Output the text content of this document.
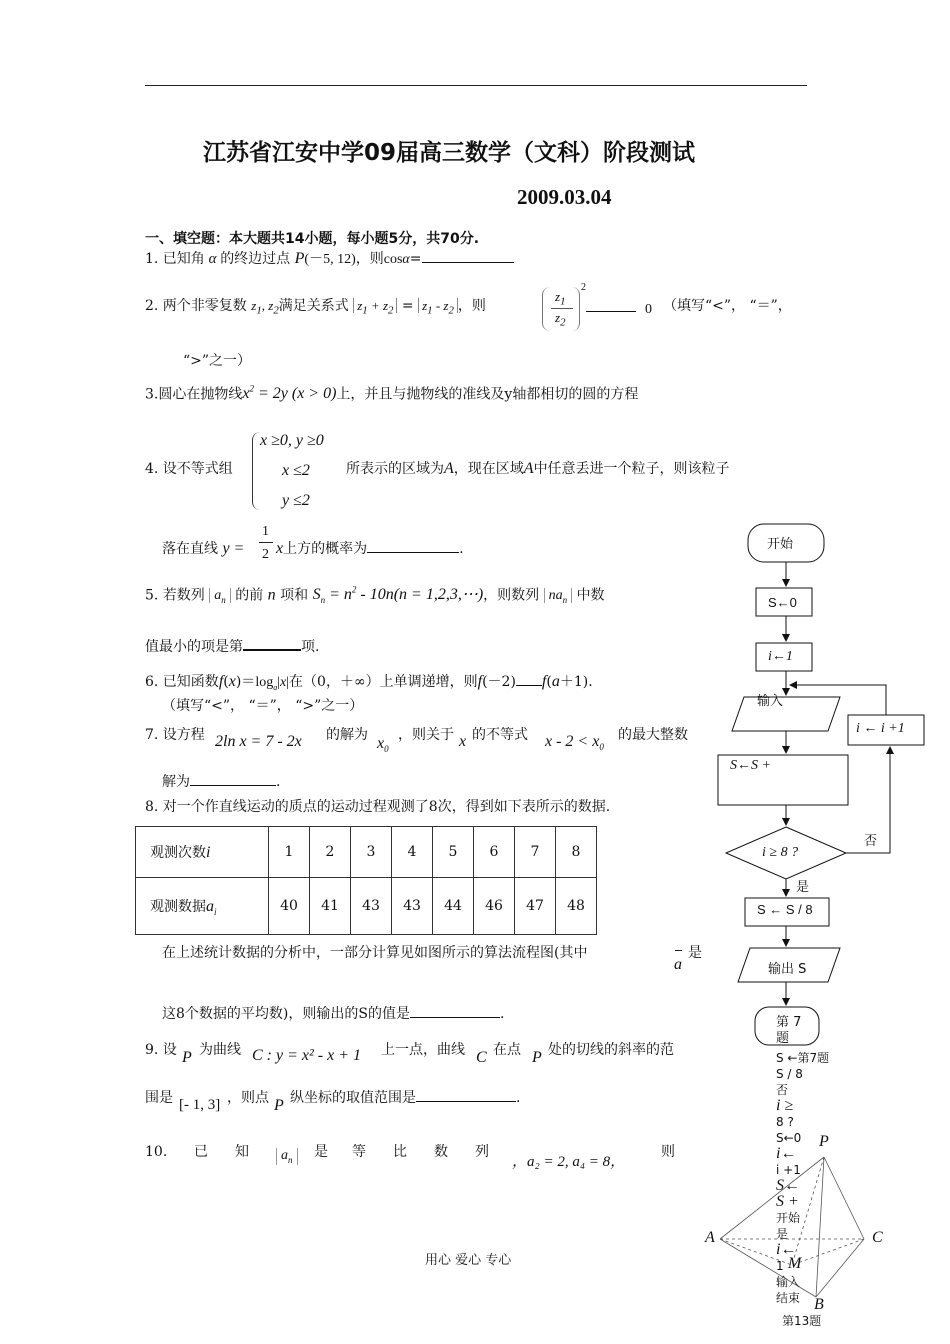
江苏省江安中学09届高三数学（文科）阶段测试
2009.03.04
一、填空题：本大题共14小题，每小题5分，共70分.
1. 已知角 α 的终边过点 P(－5, 12)，则cosα=
2. 两个非零复数 $z_1$, $z_2$满足关系式 $z_1 + z_2 = z_1 - z_2$ ，则
$z_1$
$z_2$
2
0 （填写“<”， “＝”，
“>”之一）
3.圆心在抛物线$x^2 = 2y$ (x > 0)上，并且与抛物线的准线及y轴都相切的圆的方程
4. 设不等式组
x ≥0, y ≥0
x ≤2
y ≤2
所表示的区域为A，现在区域A中任意丢进一个粒子，则该粒子
落在直线 y =
1
2 x上方的概率为	.
5. 若数列 $a_n$ 的前 n 项和 $S_n = n^2 - 10n(n$ = 1,2,3,⋯)，则数列 $na_n$ 中数
值最小的项是第	项.
6. 已知函数$f(x)=\log_a|x|$在（0，＋∞）上单调递增，则f(－2) f(a＋1).
（填写“<”， “＝”， “>”之一）
7. 设方程 2ln x = 7 - 2x 的解为 $x_0$
，则关于 x 的不等式 $x - 2 < x_0$
的最大整数
解为	.
8. 对一个作直线运动的质点的运动过程观测了8次，得到如下表所示的数据.
观测次数i	1	2	3	4	5	6	7	8
观测数据$a_i$	40	41	43	43	44	46	47	48
在上述统计数据的分析中，一部分计算见如图所示的算法流程图(其中
a
是
这8个数据的平均数)，则输出的S的值是	.
9. 设 P 为曲线 C : y = x² - x + 1 上一点，曲线 C 在点 P 处的切线的斜率的范
围是 [- 1, 3] ，则点 P 纵坐标的取值范围是	.
10. 已 知	$a_n$	是 等 比 数 列
，a₂ = 2, a₄ = 8，
则
开始
S←0
i←1
输入
S←S +
i ≥ 8 ?
否
是
i ← i +1
S ← S / 8
输出 S
第 7
题
S ←第7题
S / 8
否
i ≥
8 ?
S←0
i←
i +1
S←
S +
开始
是
i←
1
输入
结束
第13题
P
A	C
M
B
用心 爱心 专心
